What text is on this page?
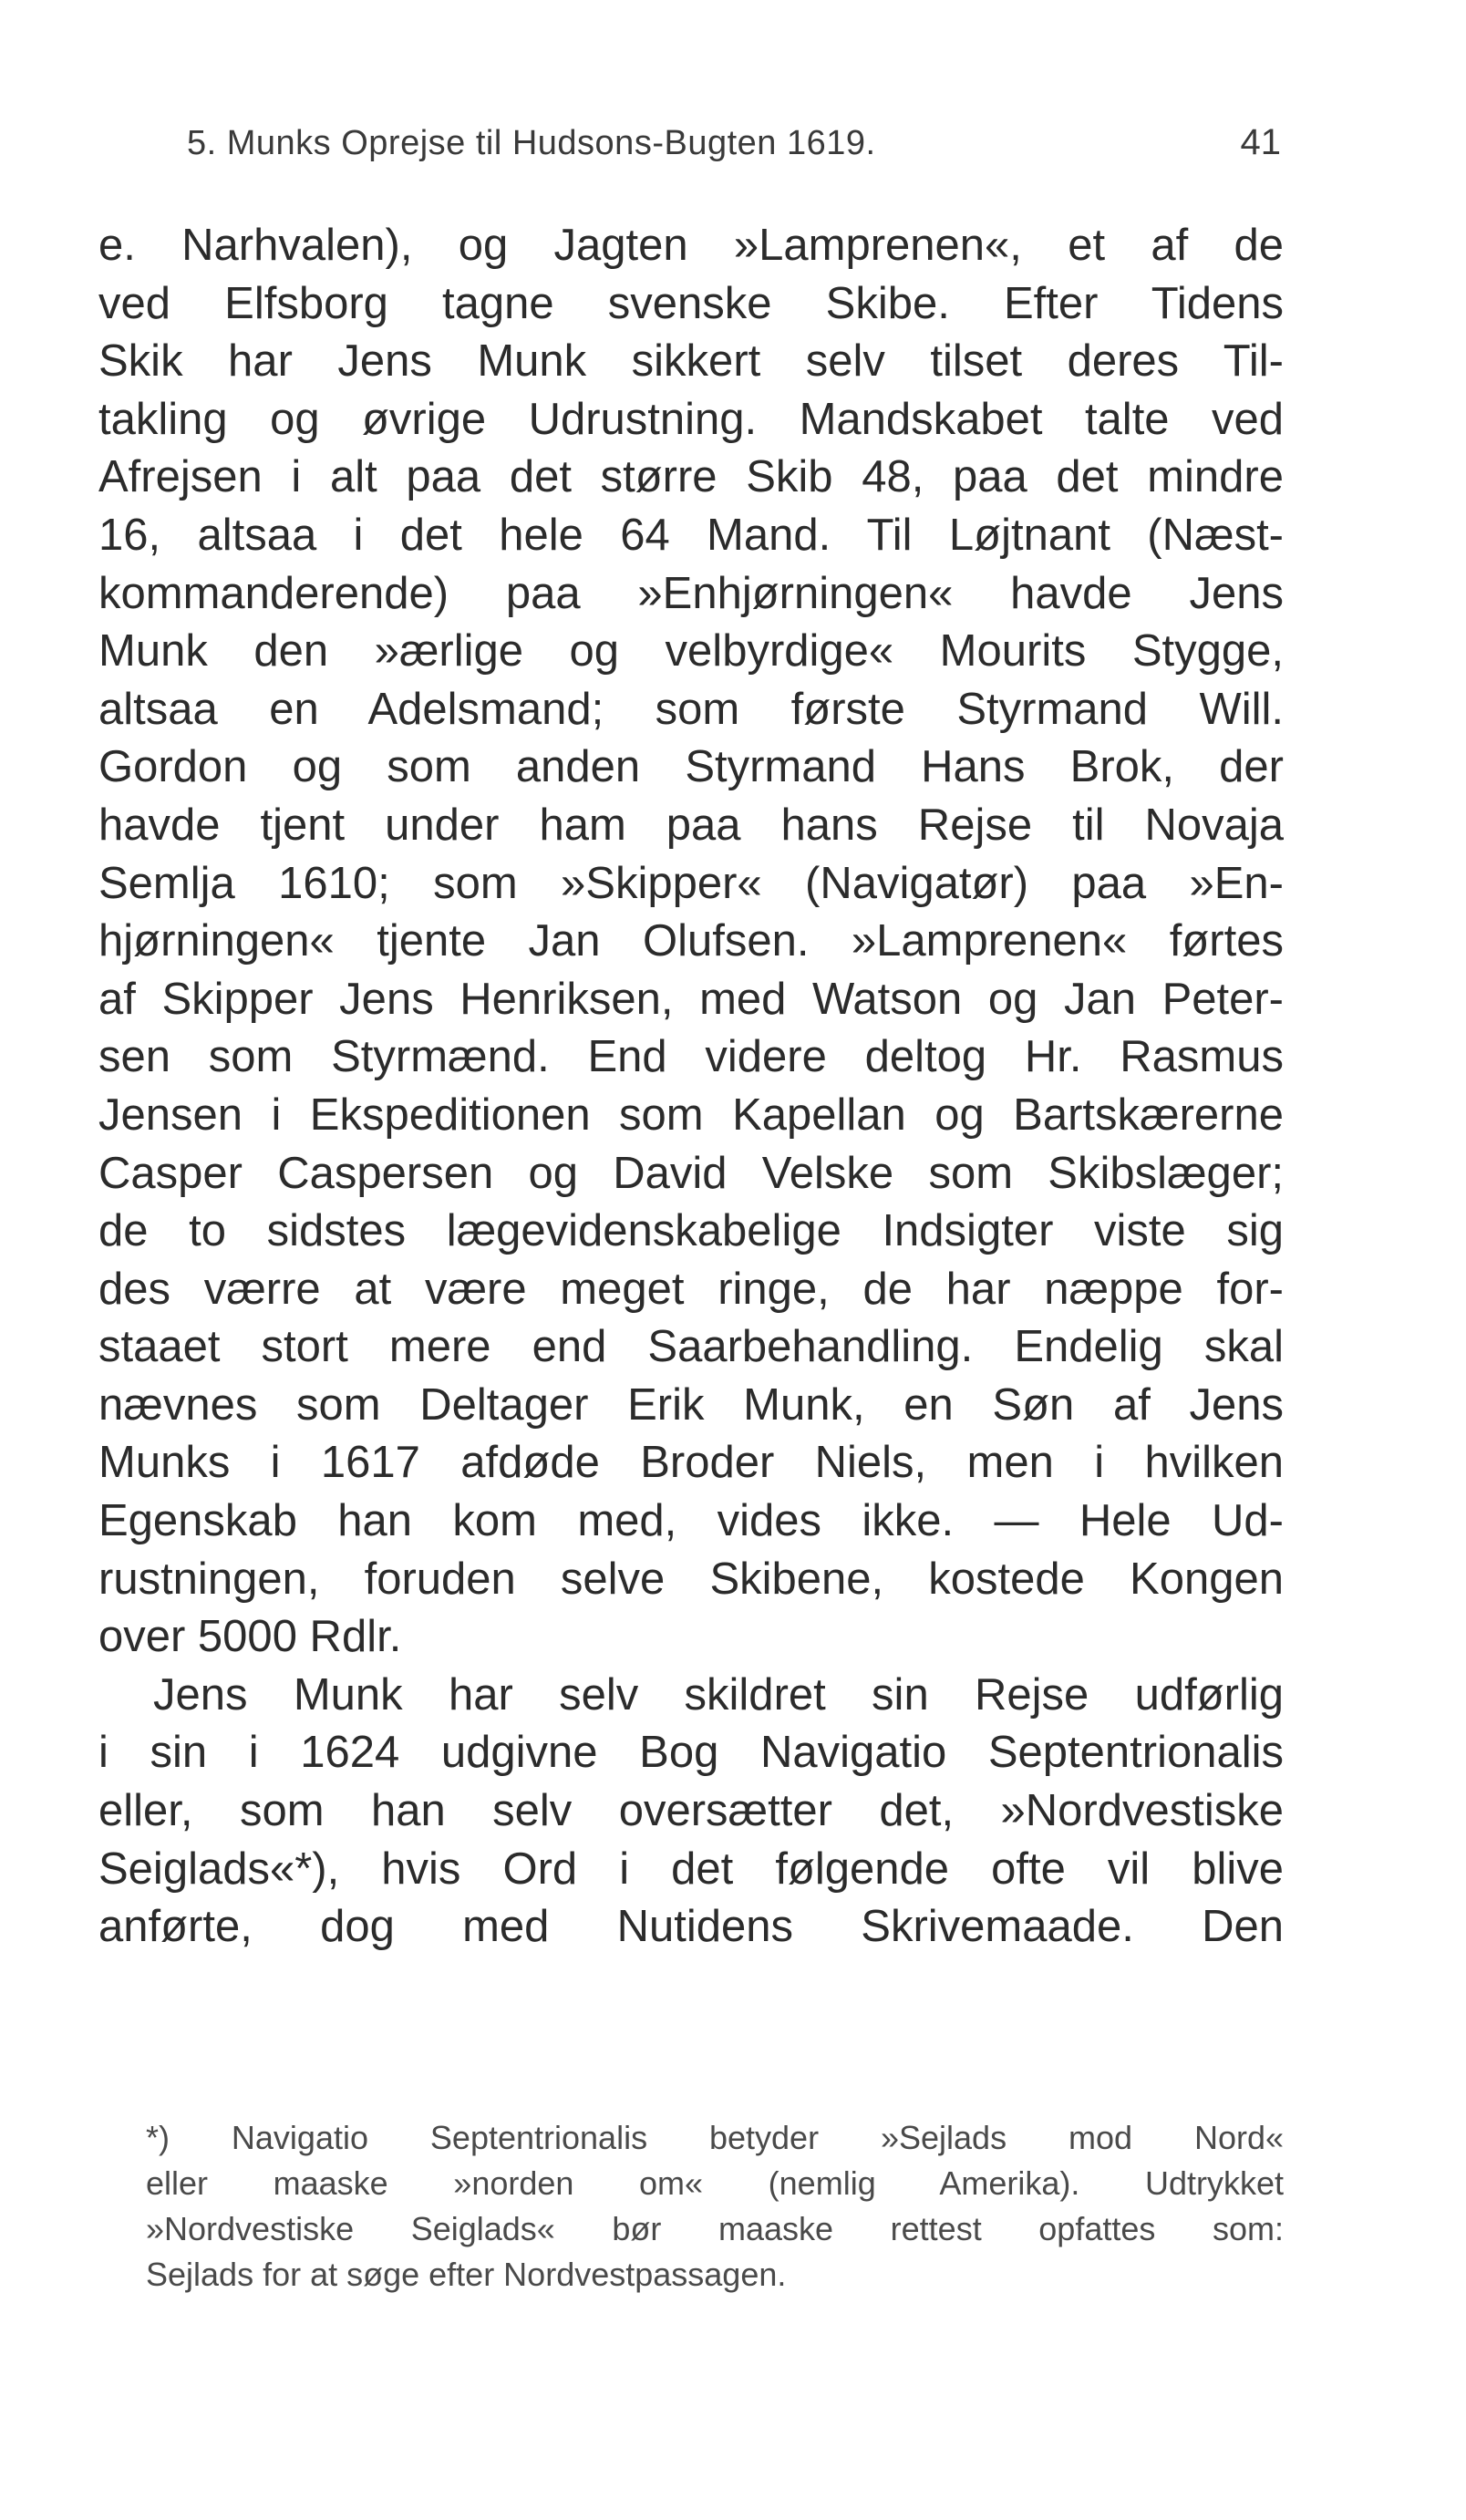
5. Munks Oprejse til Hudsons-Bugten 1619.	41
e. Narhvalen), og Jagten »Lamprenen«, et af de
ved Elfsborg tagne svenske Skibe. Efter Tidens
Skik har Jens Munk sikkert selv tilset deres Til-
takling og øvrige Udrustning. Mandskabet talte ved
Afrejsen i alt paa det større Skib 48, paa det mindre
16, altsaa i det hele 64 Mand. Til Løjtnant (Næst-
kommanderende) paa »Enhjørningen« havde Jens
Munk den »ærlige og velbyrdige« Mourits Stygge,
altsaa en Adelsmand; som første Styrmand Will.
Gordon og som anden Styrmand Hans Brok, der
havde tjent under ham paa hans Rejse til Novaja
Semlja 1610; som »Skipper« (Navigatør) paa »En-
hjørningen« tjente Jan Olufsen. »Lamprenen« førtes
af Skipper Jens Henriksen, med Watson og Jan Peter-
sen som Styrmænd. End videre deltog Hr. Rasmus
Jensen i Ekspeditionen som Kapellan og Bartskærerne
Casper Caspersen og David Velske som Skibslæger;
de to sidstes lægevidenskabelige Indsigter viste sig
des værre at være meget ringe, de har næppe for-
staaet stort mere end Saarbehandling. Endelig skal
nævnes som Deltager Erik Munk, en Søn af Jens
Munks i 1617 afdøde Broder Niels, men i hvilken
Egenskab han kom med, vides ikke. — Hele Ud-
rustningen, foruden selve Skibene, kostede Kongen
over 5000 Rdlr.
Jens Munk har selv skildret sin Rejse udførlig
i sin i 1624 udgivne Bog Navigatio Septentrionalis
eller, som han selv oversætter det, »Nordvestiske
Seiglads«*), hvis Ord i det følgende ofte vil blive
anførte, dog med Nutidens Skrivemaade. Den
*) Navigatio Septentrionalis betyder »Sejlads mod Nord«
eller maaske »norden om« (nemlig Amerika). Udtrykket
»Nordvestiske Seiglads« bør maaske rettest opfattes som:
Sejlads for at søge efter Nordvestpassagen.
